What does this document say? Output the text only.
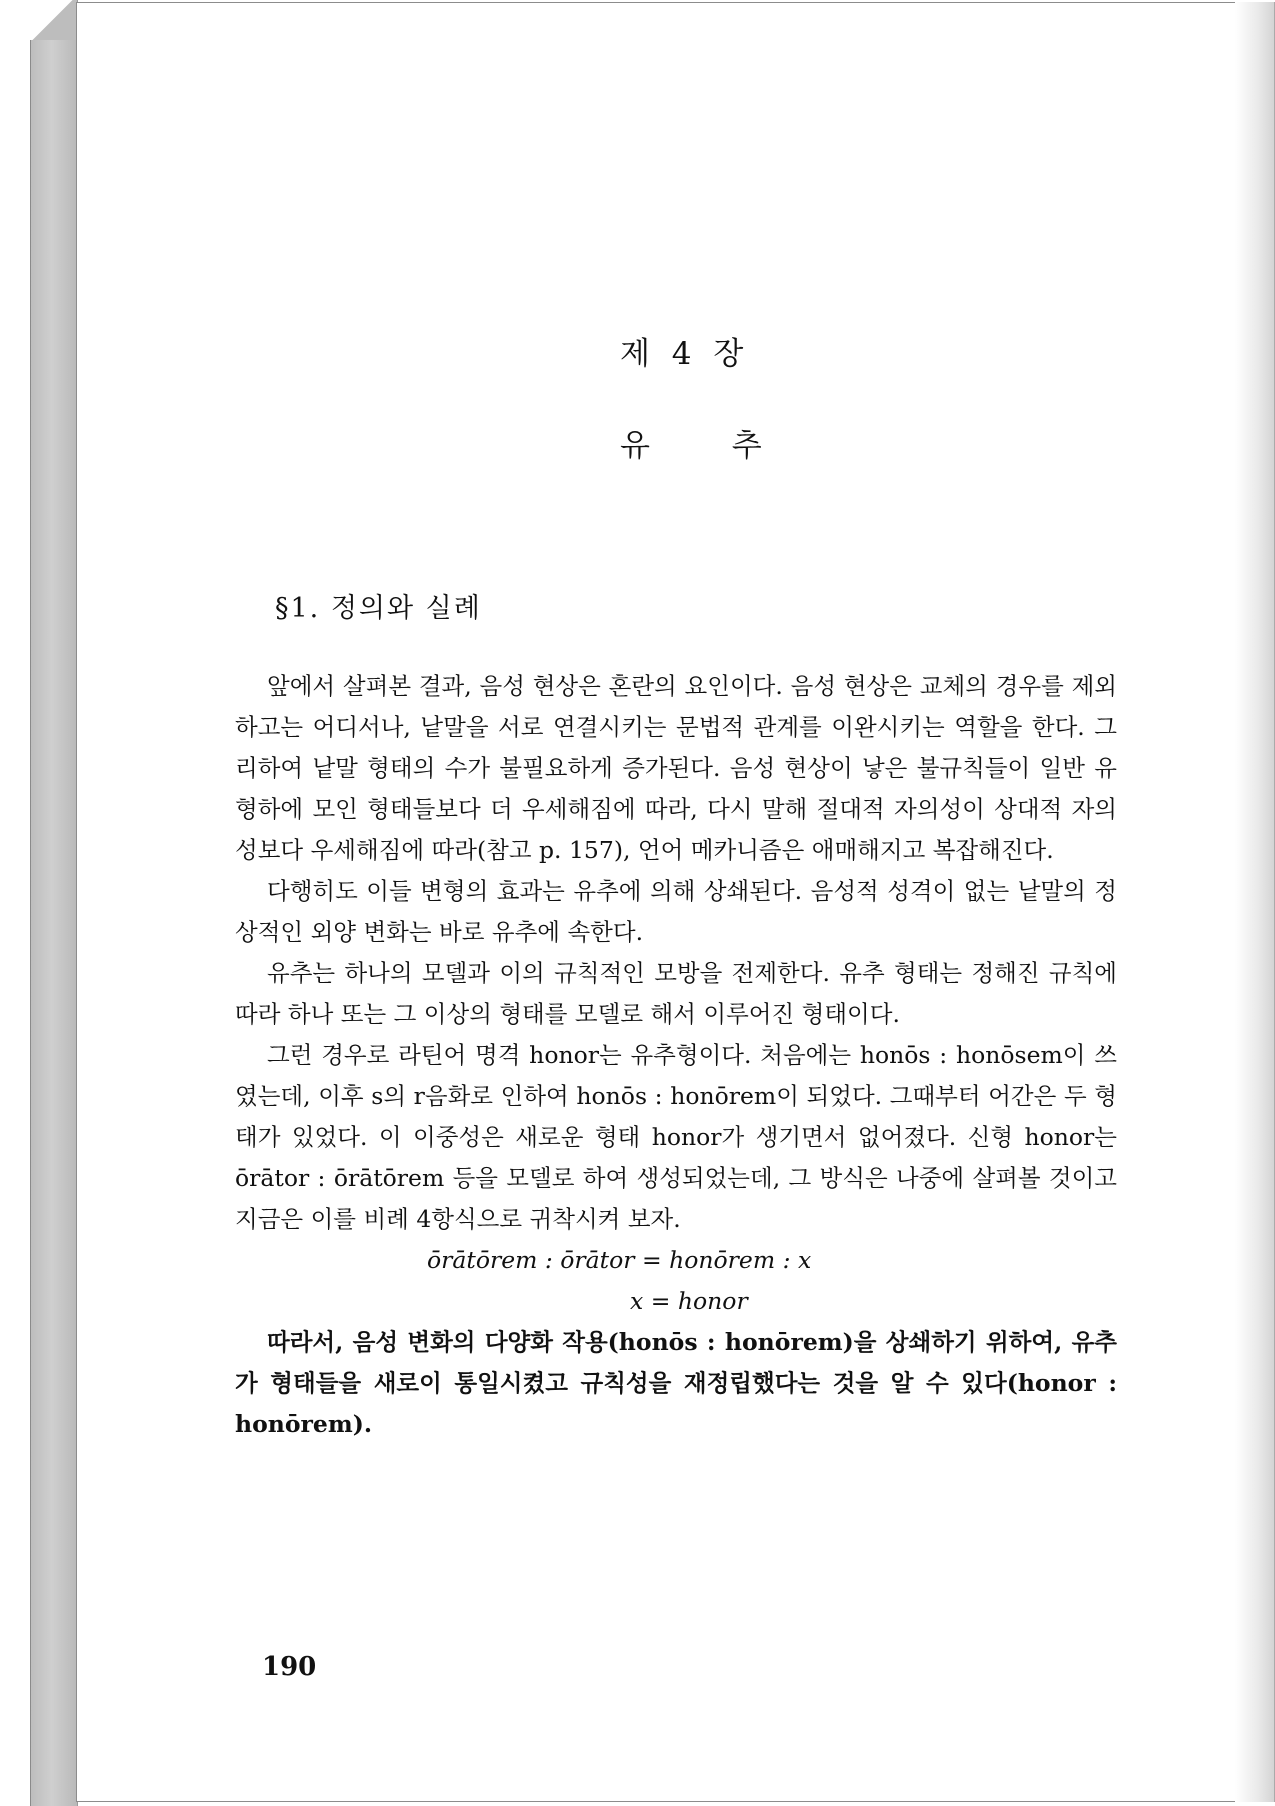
제 4 장
유 추
§1. 정의와 실례

앞에서 살펴본 결과, 음성 현상은 혼란의 요인이다. 음성 현상은 교체의 경우를 제외하고는 어디서나, 낱말을 서로 연결시키는 문법적 관계를 이완시키는 역할을 한다. 그리하여 낱말 형태의 수가 불필요하게 증가된다. 음성 현상이 낳은 불규칙들이 일반 유형하에 모인 형태들보다 더 우세해짐에 따라, 다시 말해 절대적 자의성이 상대적 자의성보다 우세해짐에 따라(참고 p. 157), 언어 메카니즘은 애매해지고 복잡해진다.

다행히도 이들 변형의 효과는 유추에 의해 상쇄된다. 음성적 성격이 없는 낱말의 정상적인 외양 변화는 바로 유추에 속한다.

유추는 하나의 모델과 이의 규칙적인 모방을 전제한다. 유추 형태는 정해진 규칙에 따라 하나 또는 그 이상의 형태를 모델로 해서 이루어진 형태이다.

그런 경우로 라틴어 명격 honor는 유추형이다. 처음에는 honōs : honōsem이 쓰였는데, 이후 s의 r음화로 인하여 honōs : honōrem이 되었다. 그때부터 어간은 두 형태가 있었다. 이 이중성은 새로운 형태 honor가 생기면서 없어졌다. 신형 honor는 ōrātor : ōrātōrem 등을 모델로 하여 생성되었는데, 그 방식은 나중에 살펴볼 것이고 지금은 이를 비례 4항식으로 귀착시켜 보자.

ōrātōrem : ōrātor = honōrem : x

x = honor

따라서, 음성 변화의 다양화 작용(honōs : honōrem)을 상쇄하기 위하여, 유추가 형태들을 새로이 통일시켰고 규칙성을 재정립했다는 것을 알 수 있다(honor : honōrem).

190
